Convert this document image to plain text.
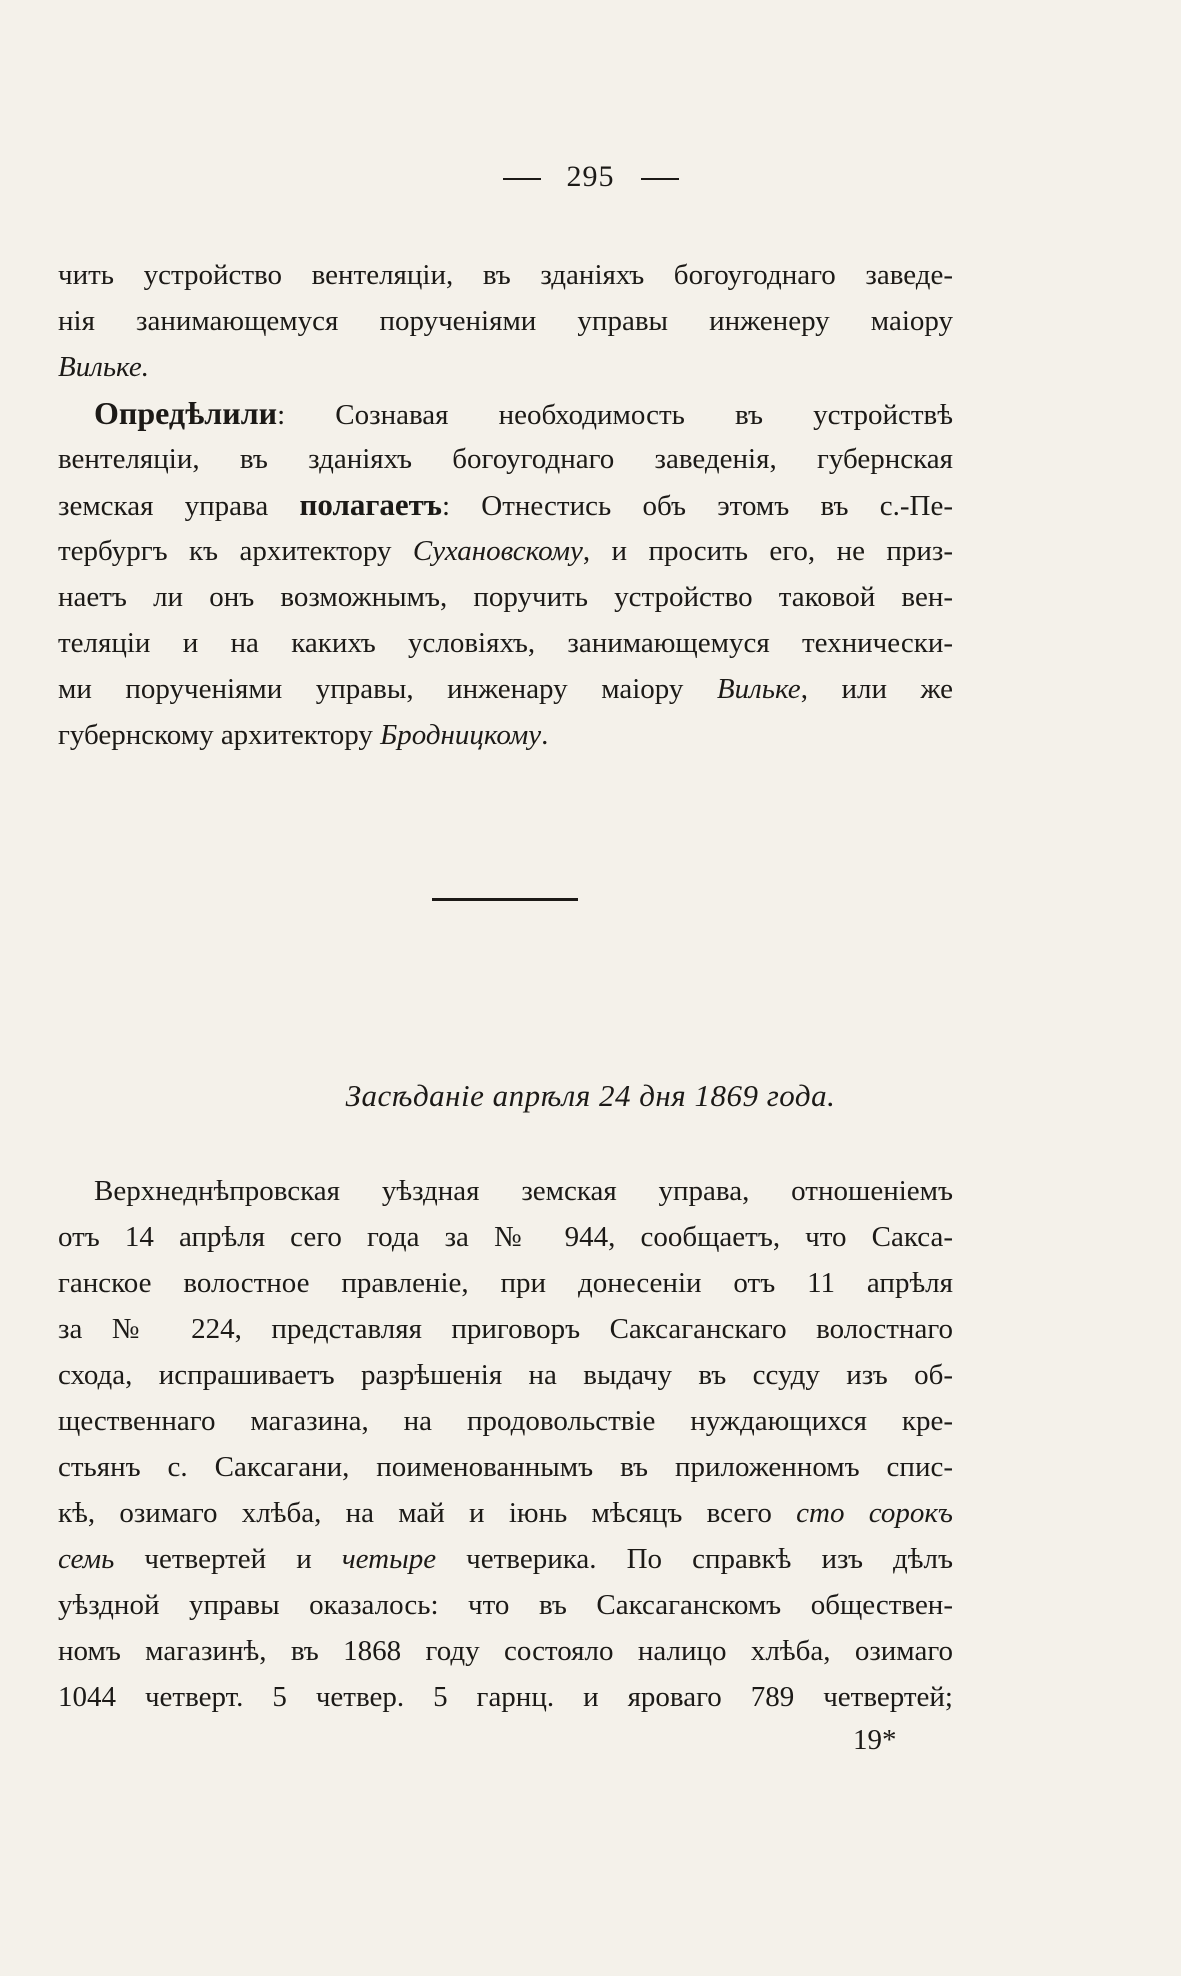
295
чить устройство вентеляціи, въ зданіяхъ богоугоднаго заведе-
нія занимающемуся порученіями управы инженеру маіору
Вильке.
Опредѣлили: Сознавая необходимость въ устройствѣ
вентеляціи, въ зданіяхъ богоугоднаго заведенія, губернская
земская управа полагаетъ: Отнестись объ этомъ въ с.-Пе-
тербургъ къ архитектору Сухановскому, и просить его, не приз-
наетъ ли онъ возможнымъ, поручить устройство таковой вен-
теляціи и на какихъ условіяхъ, занимающемуся технически-
ми порученіями управы, инженару маіору Вильке, или же
губернскому архитектору Бродницкому.
Засѣданіе апрѣля 24 дня 1869 года.
Верхнеднѣпровская уѣздная земская управа, отношеніемъ
отъ 14 апрѣля сего года за № 944, сообщаетъ, что Сакса-
ганское волостное правленіе, при донесеніи отъ 11 апрѣля
за № 224, представляя приговоръ Саксаганскаго волостнаго
схода, испрашиваетъ разрѣшенія на выдачу въ ссуду изъ об-
щественнаго магазина, на продовольствіе нуждающихся кре-
стьянъ с. Саксагани, поименованнымъ въ приложенномъ спис-
кѣ, озимаго хлѣба, на май и іюнь мѣсяцъ всего сто сорокъ
семь четвертей и четыре четверика. По справкѣ изъ дѣлъ
уѣздной управы оказалось: что въ Саксаганскомъ обществен-
номъ магазинѣ, въ 1868 году состояло налицо хлѣба, озимаго
1044 четверт. 5 четвер. 5 гарнц. и яроваго 789 четвертей;
19*
